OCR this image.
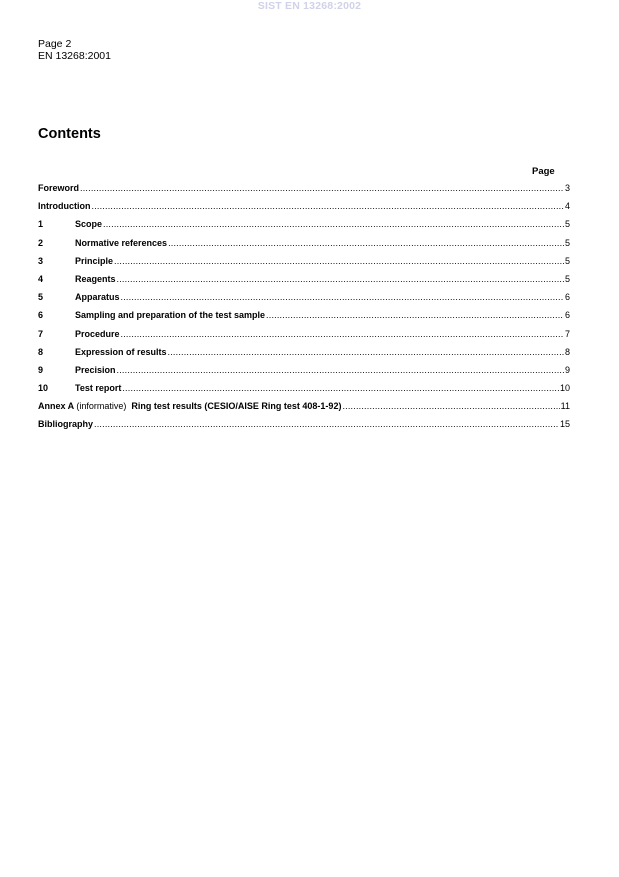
SIST EN 13268:2002
Page 2
EN 13268:2001
Contents
Page
Foreword .....	3
Introduction .....	4
1	Scope .....	5
2	Normative references .....	5
3	Principle .....	5
4	Reagents .....	5
5	Apparatus .....	6
6	Sampling and preparation of the test sample .....	6
7	Procedure .....	7
8	Expression of results .....	8
9	Precision .....	9
10	Test report .....	10
Annex A (informative) Ring test results (CESIO/AISE Ring test 408-1-92) .....	11
Bibliography .....	15
